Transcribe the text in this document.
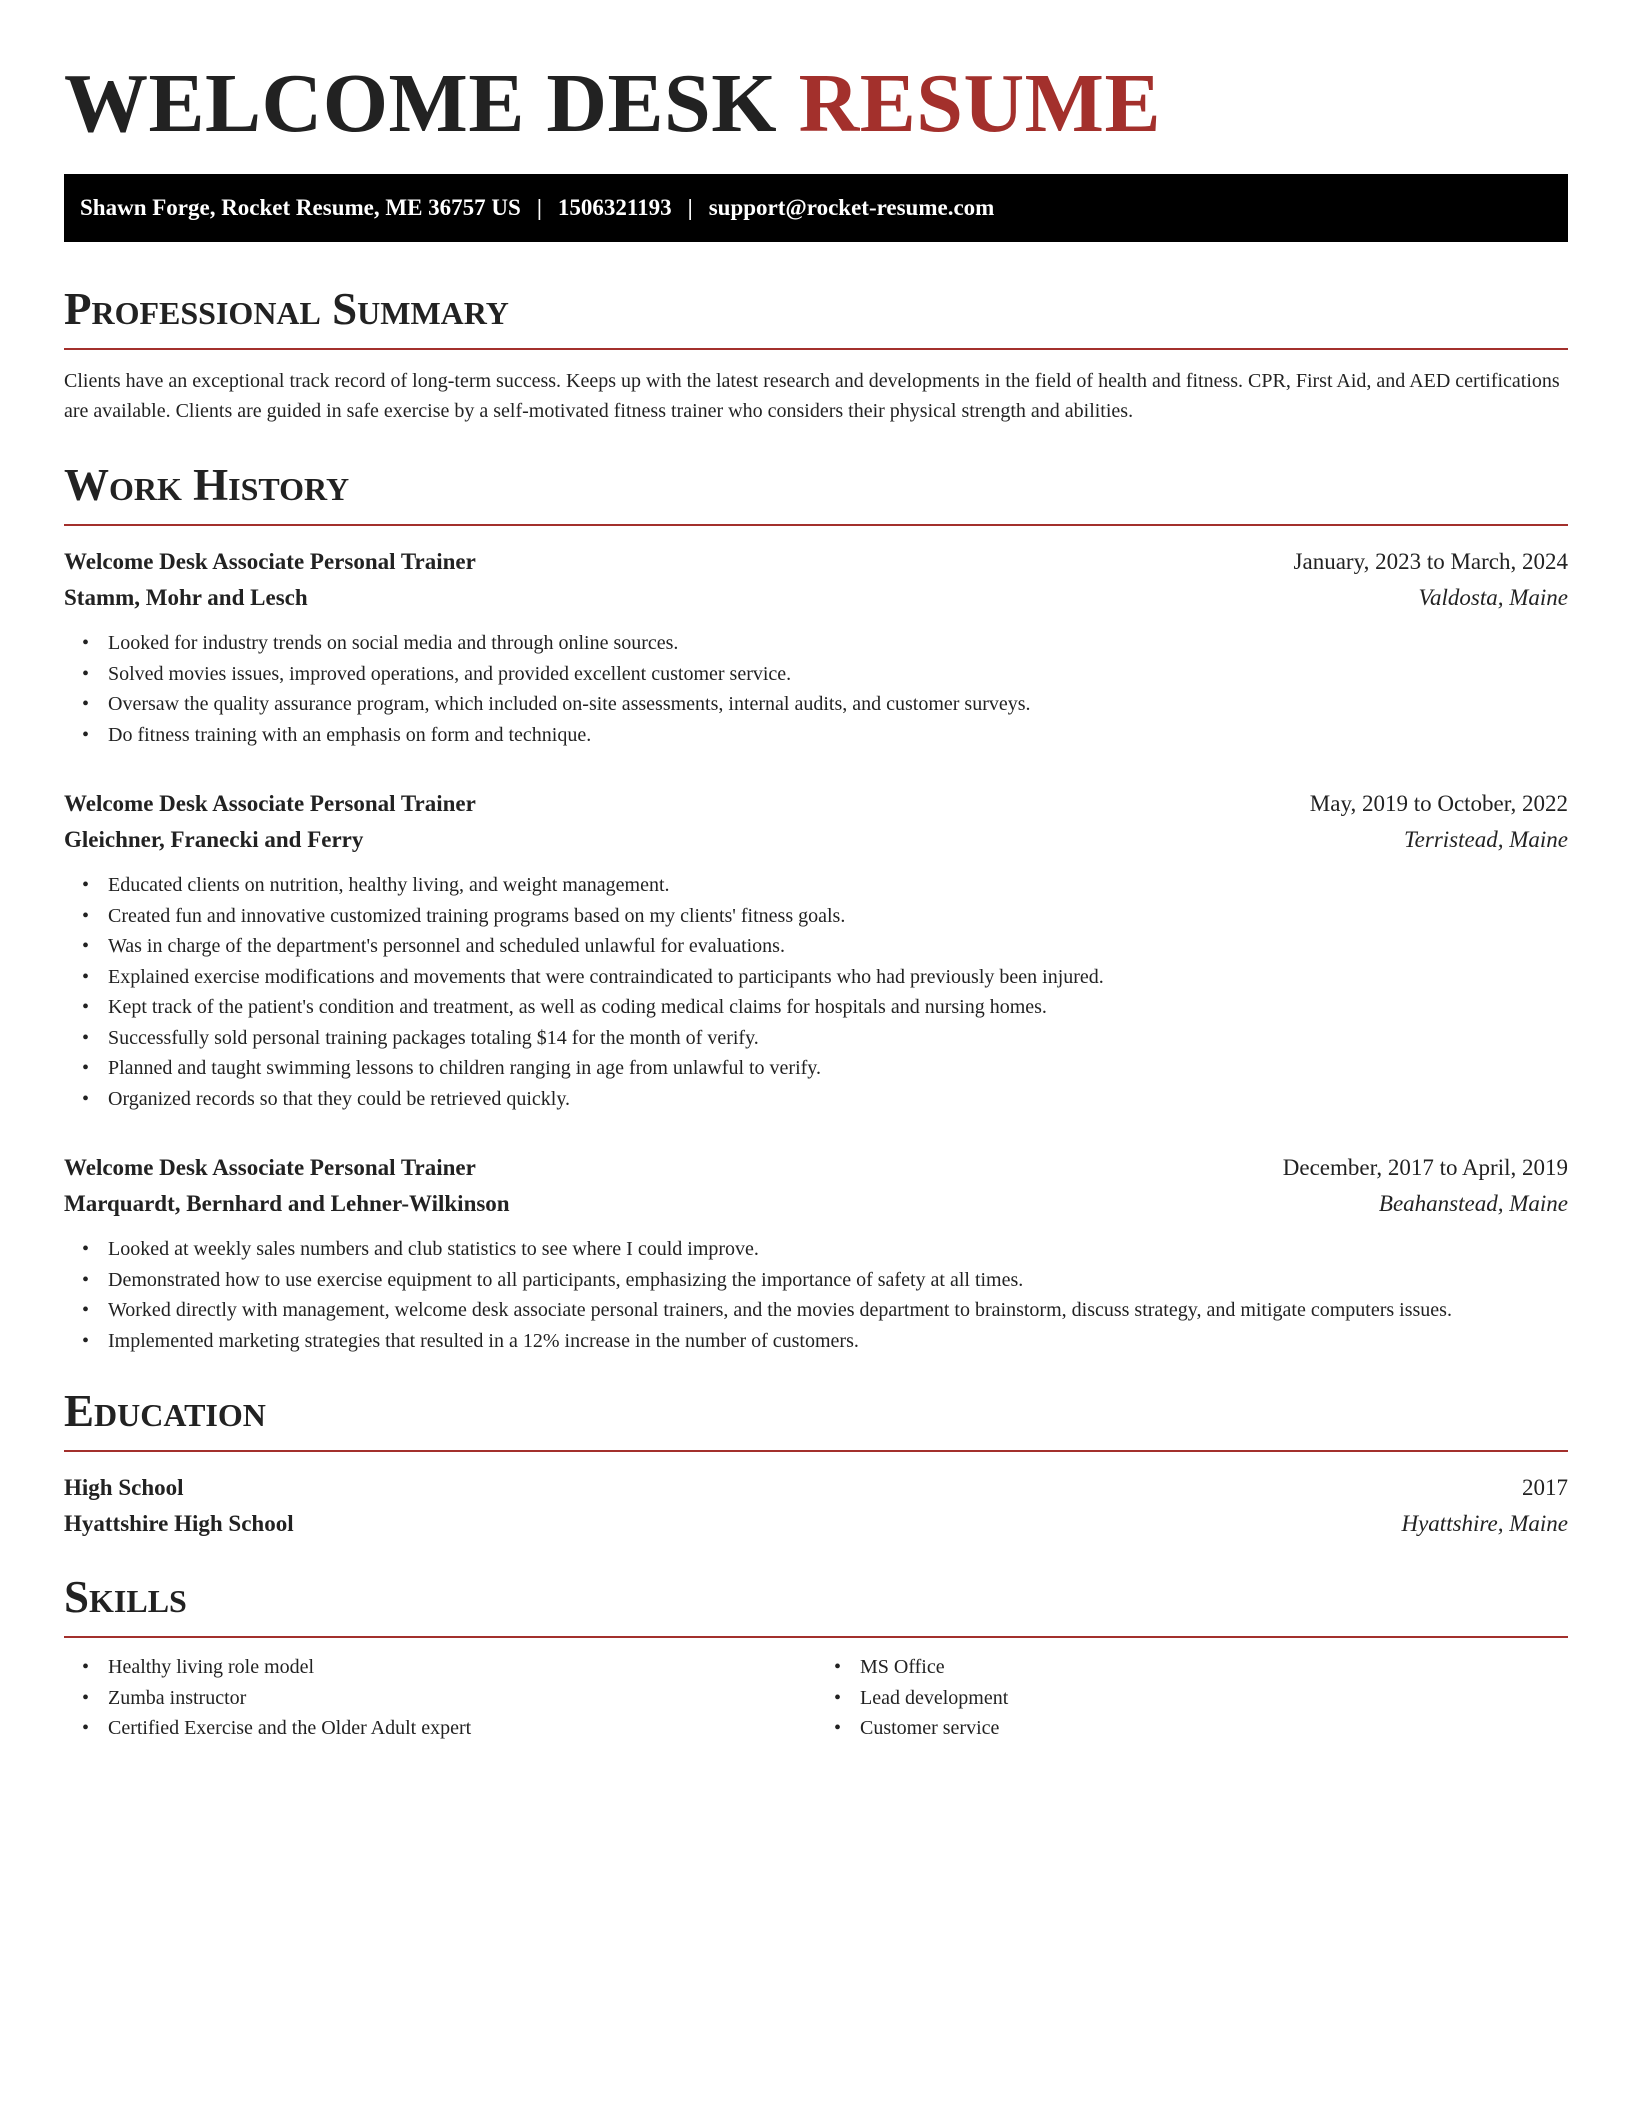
WELCOME DESK RESUME
Shawn Forge, Rocket Resume, ME 36757 US | 1506321193 | support@rocket-resume.com
Professional Summary

Clients have an exceptional track record of long-term success. Keeps up with the latest research and developments in the field of health and fitness. CPR, First Aid, and AED certifications are available. Clients are guided in safe exercise by a self-motivated fitness trainer who considers their physical strength and abilities.

Work History
Welcome Desk Associate Personal Trainer	January, 2023 to March, 2024
Stamm, Mohr and Lesch	Valdosta, Maine
• Looked for industry trends on social media and through online sources.
• Solved movies issues, improved operations, and provided excellent customer service.
• Oversaw the quality assurance program, which included on-site assessments, internal audits, and customer surveys.
• Do fitness training with an emphasis on form and technique.
Welcome Desk Associate Personal Trainer	May, 2019 to October, 2022
Gleichner, Franecki and Ferry	Terristead, Maine
• Educated clients on nutrition, healthy living, and weight management.
• Created fun and innovative customized training programs based on my clients' fitness goals.
• Was in charge of the department's personnel and scheduled unlawful for evaluations.
• Explained exercise modifications and movements that were contraindicated to participants who had previously been injured.
• Kept track of the patient's condition and treatment, as well as coding medical claims for hospitals and nursing homes.
• Successfully sold personal training packages totaling $14 for the month of verify.
• Planned and taught swimming lessons to children ranging in age from unlawful to verify.
• Organized records so that they could be retrieved quickly.
Welcome Desk Associate Personal Trainer	December, 2017 to April, 2019
Marquardt, Bernhard and Lehner-Wilkinson	Beahanstead, Maine
• Looked at weekly sales numbers and club statistics to see where I could improve.
• Demonstrated how to use exercise equipment to all participants, emphasizing the importance of safety at all times.
• Worked directly with management, welcome desk associate personal trainers, and the movies department to brainstorm, discuss strategy, and mitigate computers issues.
• Implemented marketing strategies that resulted in a 12% increase in the number of customers.
Education
High School	2017
Hyattshire High School	Hyattshire, Maine
Skills
• Healthy living role model
• Zumba instructor
• Certified Exercise and the Older Adult expert
• MS Office
• Lead development
• Customer service
